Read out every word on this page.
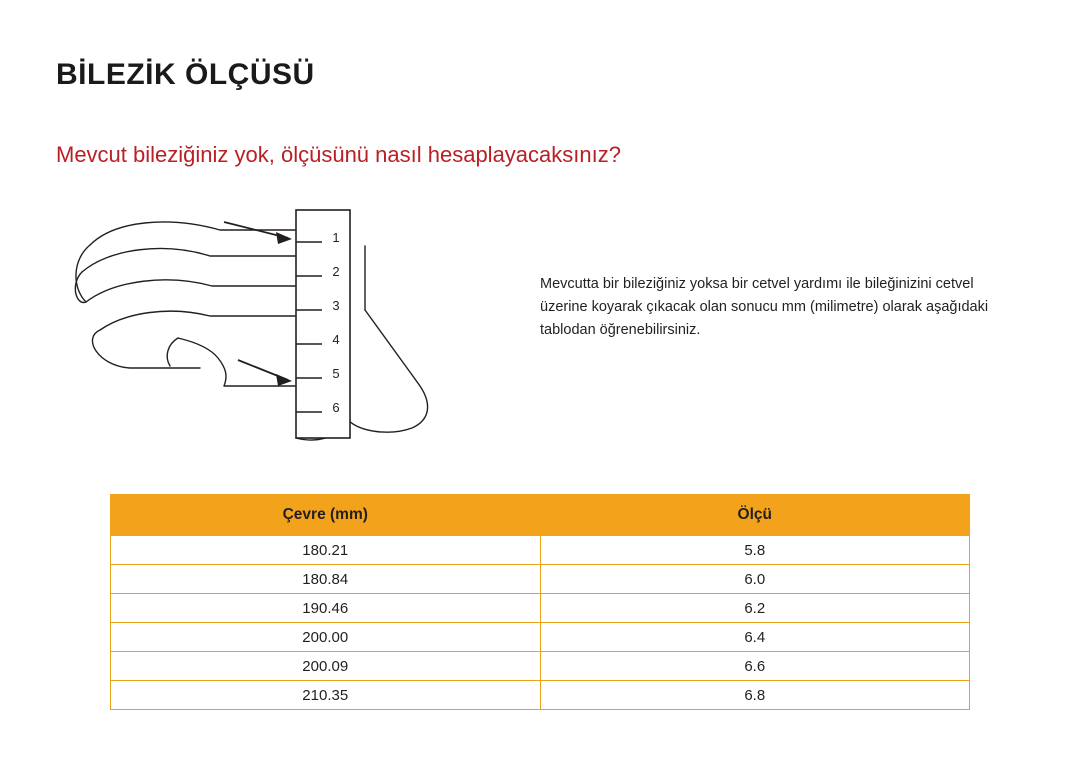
BİLEZİK ÖLÇÜSÜ
Mevcut bileziğiniz yok, ölçüsünü nasıl hesaplayacaksınız?
1
2
3
4
5
6

Mevcutta bir bileziğiniz yoksa bir cetvel yardımı ile bileğinizini cetvel üzerine koyarak çıkacak olan sonucu mm (milimetre) olarak aşağıdaki tablodan öğrenebilirsiniz.

Çevre (mm)	Ölçü
180.21	5.8
180.84	6.0
190.46	6.2
200.00	6.4
200.09	6.6
210.35	6.8
